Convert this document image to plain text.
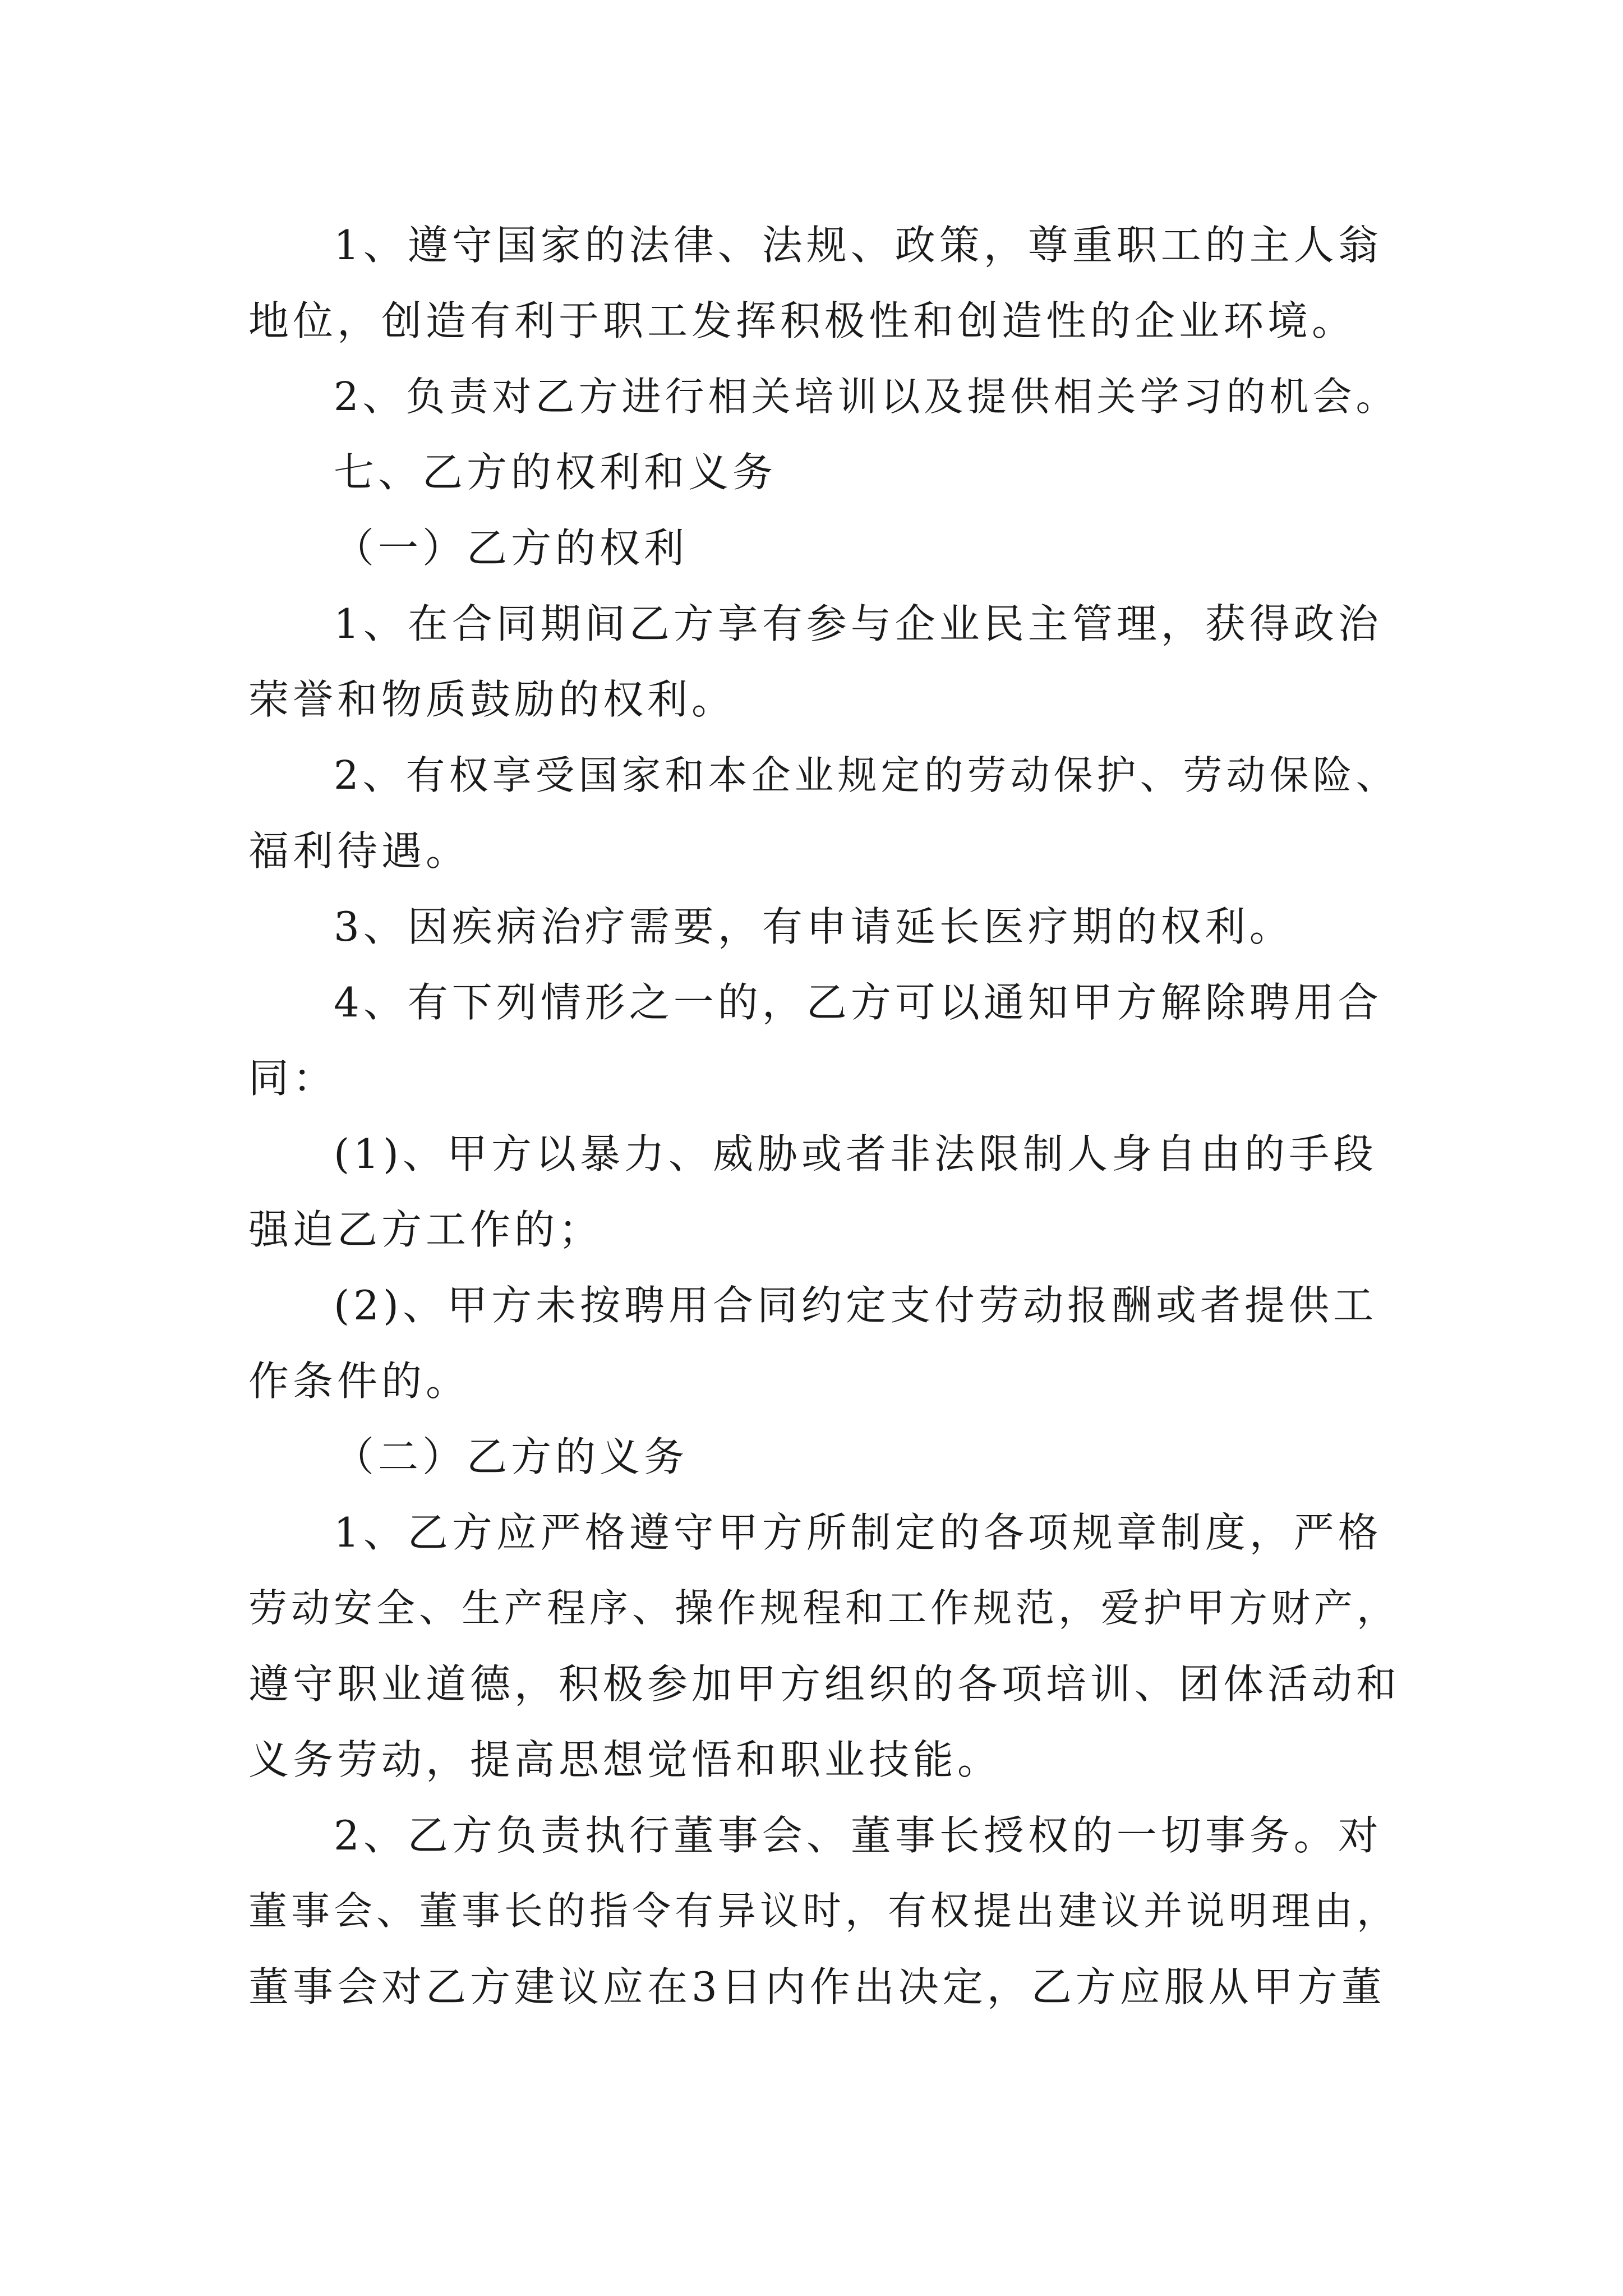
1、遵守国家的法律、法规、政策，尊重职工的主人翁
地位，创造有利于职工发挥积极性和创造性的企业环境。
2、负责对乙方进行相关培训以及提供相关学习的机会。
七、乙方的权利和义务
（一）乙方的权利
1、在合同期间乙方享有参与企业民主管理，获得政治
荣誉和物质鼓励的权利。
2、有权享受国家和本企业规定的劳动保护、劳动保险、
福利待遇。
3、因疾病治疗需要，有申请延长医疗期的权利。
4、有下列情形之一的，乙方可以通知甲方解除聘用合
同：
(1)、甲方以暴力、威胁或者非法限制人身自由的手段
强迫乙方工作的；
(2)、甲方未按聘用合同约定支付劳动报酬或者提供工
作条件的。
（二）乙方的义务
1、乙方应严格遵守甲方所制定的各项规章制度，严格
劳动安全、生产程序、操作规程和工作规范，爱护甲方财产，
遵守职业道德，积极参加甲方组织的各项培训、团体活动和
义务劳动，提高思想觉悟和职业技能。
2、乙方负责执行董事会、董事长授权的一切事务。对
董事会、董事长的指令有异议时，有权提出建议并说明理由，
董事会对乙方建议应在3日内作出决定，乙方应服从甲方董
